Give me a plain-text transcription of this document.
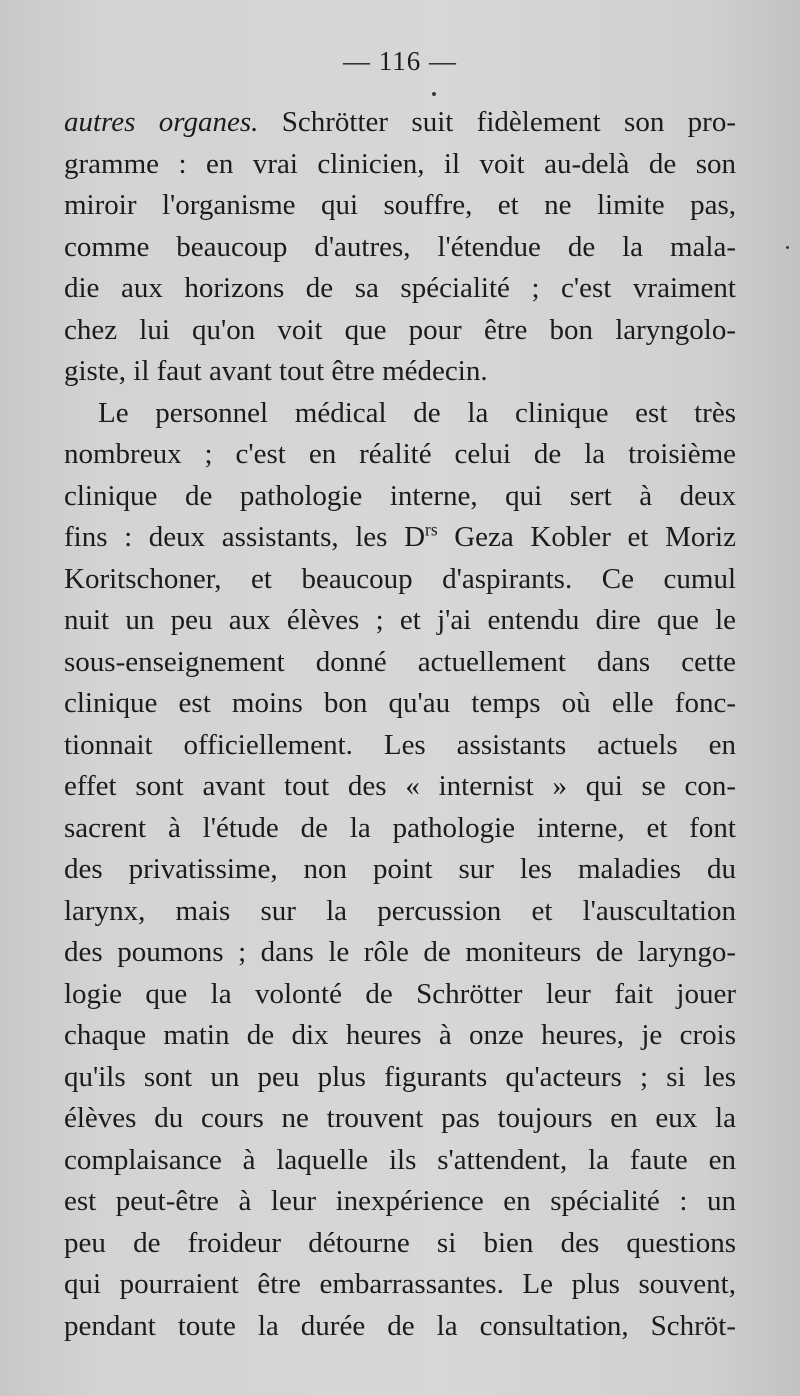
— 116 —
autres organes. Schrötter suit fidèlement son pro-
gramme : en vrai clinicien, il voit au-delà de son
miroir l'organisme qui souffre, et ne limite pas,
comme beaucoup d'autres, l'étendue de la mala-
die aux horizons de sa spécialité ; c'est vraiment
chez lui qu'on voit que pour être bon laryngolo-
giste, il faut avant tout être médecin.
Le personnel médical de la clinique est très
nombreux ; c'est en réalité celui de la troisième
clinique de pathologie interne, qui sert à deux
fins : deux assistants, les $D^{rs}$ Geza Kobler et Moriz
Koritschoner, et beaucoup d'aspirants. Ce cumul
nuit un peu aux élèves ; et j'ai entendu dire que le
sous-enseignement donné actuellement dans cette
clinique est moins bon qu'au temps où elle fonc-
tionnait officiellement. Les assistants actuels en
effet sont avant tout des « internist » qui se con-
sacrent à l'étude de la pathologie interne, et font
des privatissime, non point sur les maladies du
larynx, mais sur la percussion et l'auscultation
des poumons ; dans le rôle de moniteurs de laryngo-
logie que la volonté de Schrötter leur fait jouer
chaque matin de dix heures à onze heures, je crois
qu'ils sont un peu plus figurants qu'acteurs ; si les
élèves du cours ne trouvent pas toujours en eux la
complaisance à laquelle ils s'attendent, la faute en
est peut-être à leur inexpérience en spécialité : un
peu de froideur détourne si bien des questions
qui pourraient être embarrassantes. Le plus souvent,
pendant toute la durée de la consultation, Schröt-
